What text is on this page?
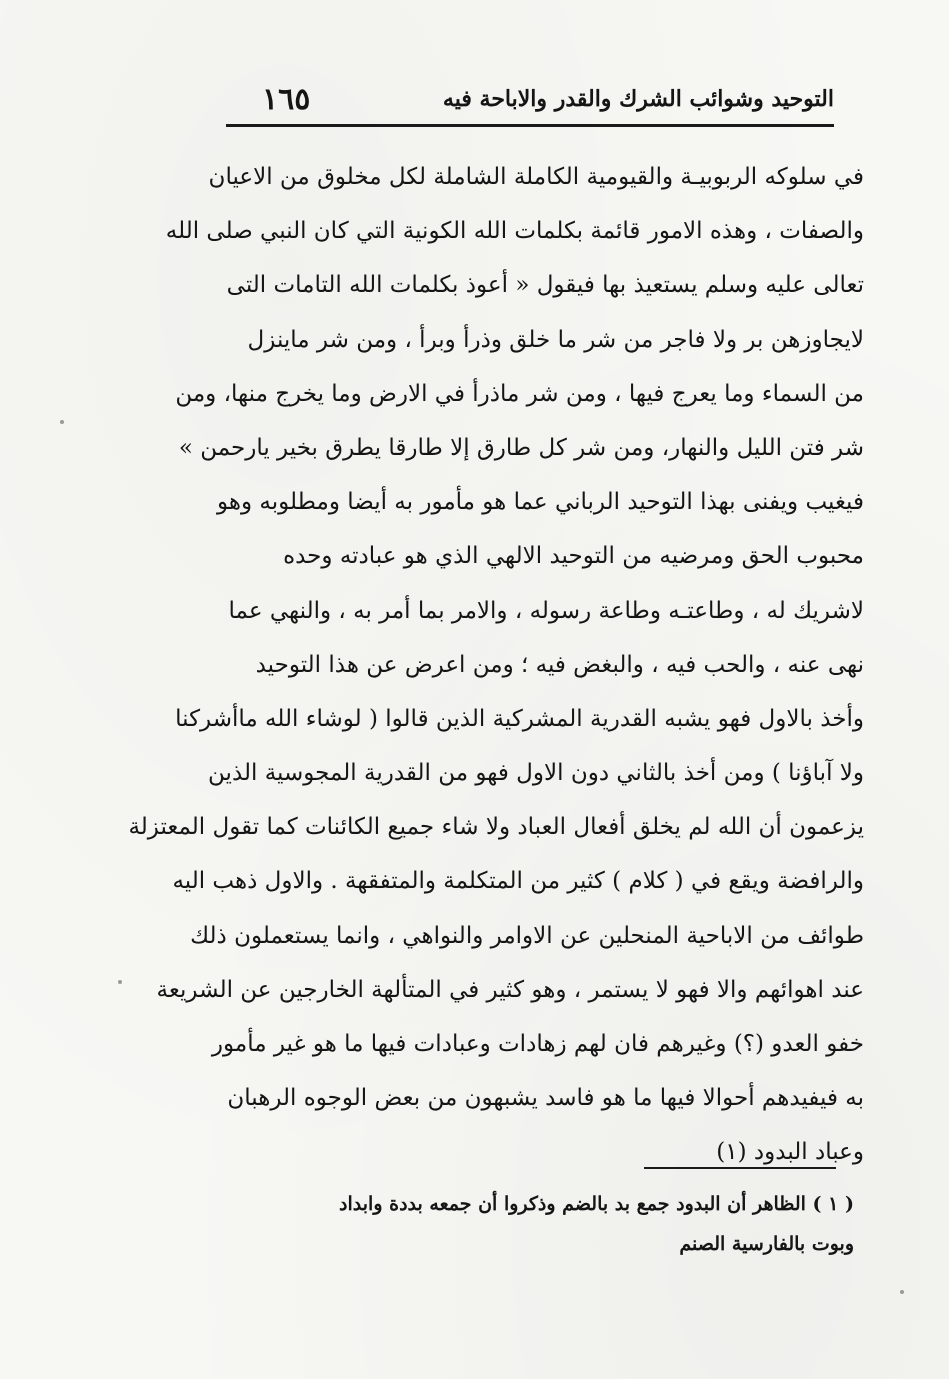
التوحيد وشوائب الشرك والقدر والاباحة فيه
١٦٥
في سلوكه الربوبيـة والقيومية الكاملة الشاملة لكل مخلوق من الاعيان
والصفات ، وهذه الامور قائمة بكلمات الله الكونية التي كان النبي صلى الله
تعالى عليه وسلم يستعيذ بها فيقول « أعوذ بكلمات الله التامات التى
لايجاوزهن بر ولا فاجر من شر ما خلق وذرأ وبرأ ، ومن شر ماينزل
من السماء وما يعرج فيها ، ومن شر ماذرأ في الارض وما يخرج منها، ومن
شر فتن الليل والنهار، ومن شر كل طارق إلا طارقا يطرق بخير يارحمن »
فيغيب ويفنى بهذا التوحيد الرباني عما هو مأمور به أيضا ومطلوبه وهو
محبوب الحق ومرضيه من التوحيد الالهي الذي هو عبادته وحده
لاشريك له ، وطاعتـه وطاعة رسوله ، والامر بما أمر به ، والنهي عما
نهى عنه ، والحب فيه ، والبغض فيه ؛ ومن اعرض عن هذا التوحيد
وأخذ بالاول فهو يشبه القدرية المشركية الذين قالوا ( لوشاء الله ماأشركنا
ولا آباؤنا ) ومن أخذ بالثاني دون الاول فهو من القدرية المجوسية الذين
يزعمون أن الله لم يخلق أفعال العباد ولا شاء جميع الكائنات كما تقول المعتزلة
والرافضة ويقع في ( كلام ) كثير من المتكلمة والمتفقهة . والاول ذهب اليه
طوائف من الاباحية المنحلين عن الاوامر والنواهي ، وانما يستعملون ذلك
عند اهوائهم والا فهو لا يستمر ، وهو كثير في المتألهة الخارجين عن الشريعة
خفو العدو (؟) وغيرهم فان لهم زهادات وعبادات فيها ما هو غير مأمور
به فيفيدهم أحوالا فيها ما هو فاسد يشبهون من بعض الوجوه الرهبان
وعباد البدود (١)
( ١ ) الظاهر أن البدود جمع بد بالضم وذكروا أن جمعه بددة وابداد
وبوت بالفارسية الصنم
